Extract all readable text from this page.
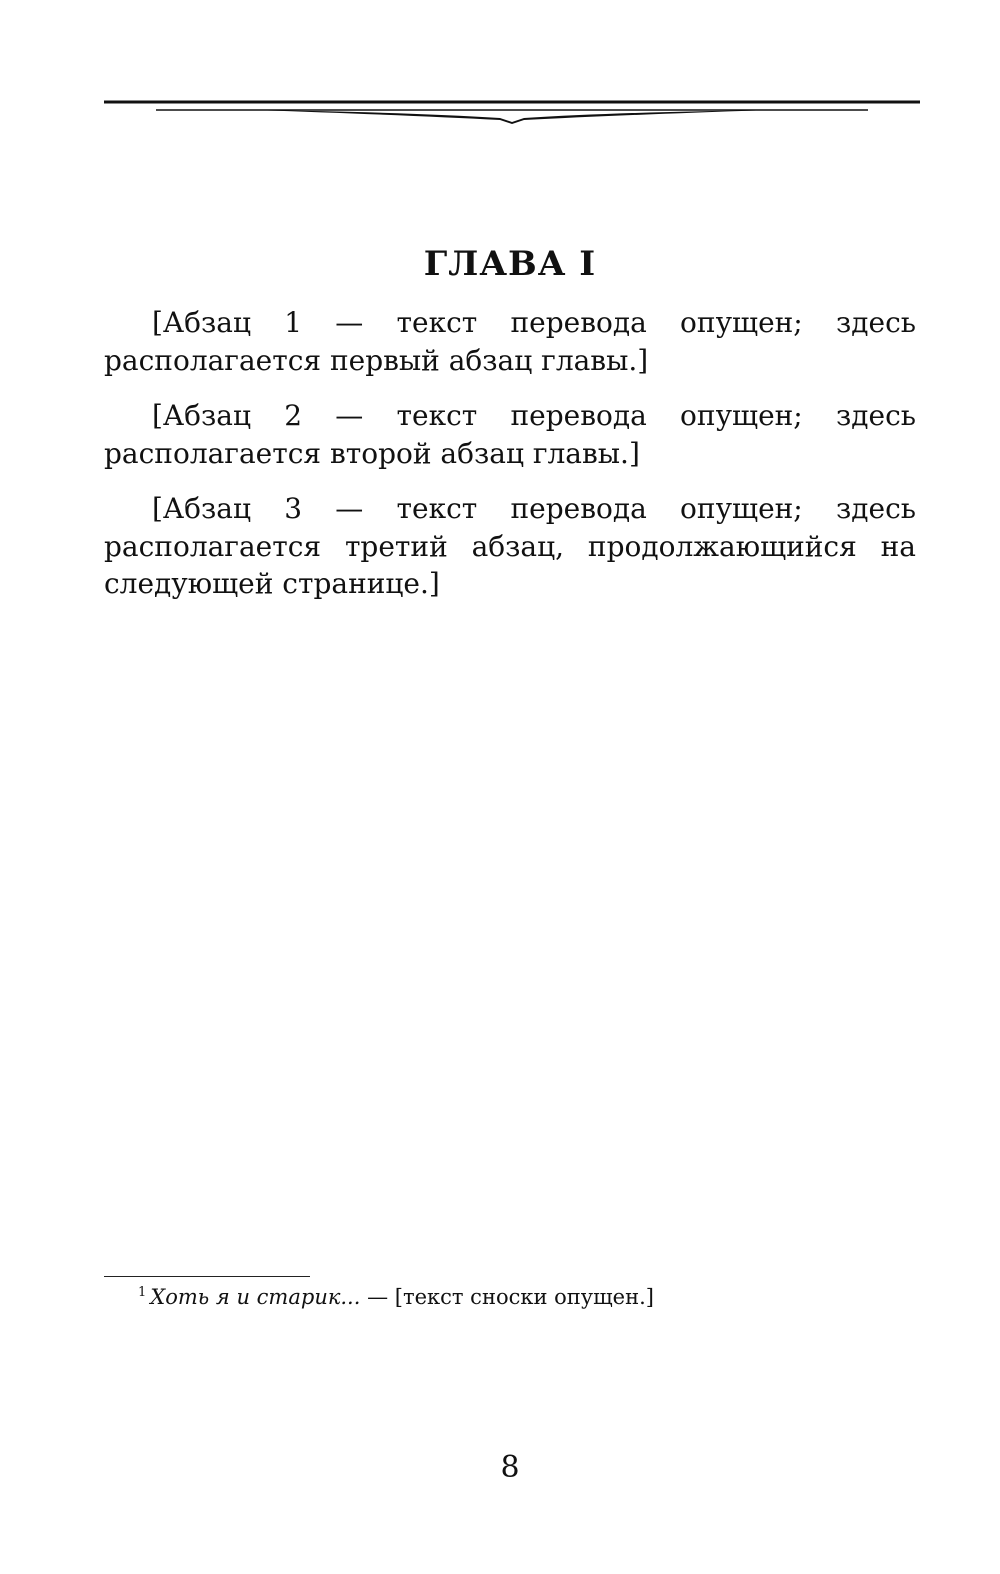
ГЛАВА I

[Абзац 1 — текст перевода опущен; здесь располагается первый абзац главы.]

[Абзац 2 — текст перевода опущен; здесь располагается второй абзац главы.]

[Абзац 3 — текст перевода опущен; здесь располагается третий абзац, продолжающийся на следующей странице.]

$^1$ Хоть я и старик... — [текст сноски опущен.]

8
